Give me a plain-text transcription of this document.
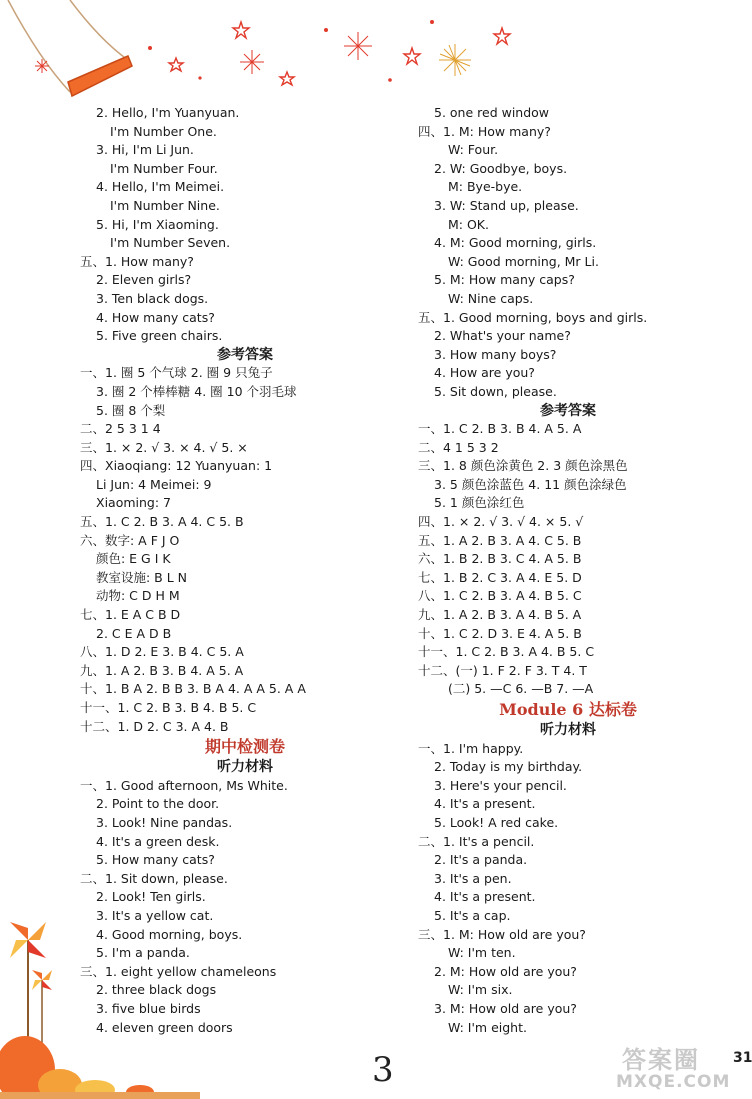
2. Hello, I'm Yuanyuan.
I'm Number One.
3. Hi, I'm Li Jun.
I'm Number Four.
4. Hello, I'm Meimei.
I'm Number Nine.
5. Hi, I'm Xiaoming.
I'm Number Seven.
五、1. How many?
2. Eleven girls?
3. Ten black dogs.
4. How many cats?
5. Five green chairs.
参考答案
一、1. 圈 5 个气球 2. 圈 9 只兔子
3. 圈 2 个棒棒糖 4. 圈 10 个羽毛球
5. 圈 8 个梨
二、2 5 3 1 4
三、1. × 2. √ 3. × 4. √ 5. ×
四、Xiaoqiang: 12 Yuanyuan: 1
Li Jun: 4 Meimei: 9
Xiaoming: 7
五、1. C 2. B 3. A 4. C 5. B
六、数字: A F J O
颜色: E G I K
教室设施: B L N
动物: C D H M
七、1. E A C B D
2. C E A D B
八、1. D 2. E 3. B 4. C 5. A
九、1. A 2. B 3. B 4. A 5. A
十、1. B A 2. B B 3. B A 4. A A 5. A A
十一、1. C 2. B 3. B 4. B 5. C
十二、1. D 2. C 3. A 4. B
期中检测卷
听力材料
一、1. Good afternoon, Ms White.
2. Point to the door.
3. Look! Nine pandas.
4. It's a green desk.
5. How many cats?
二、1. Sit down, please.
2. Look! Ten girls.
3. It's a yellow cat.
4. Good morning, boys.
5. I'm a panda.
三、1. eight yellow chameleons
2. three black dogs
3. five blue birds
4. eleven green doors
5. one red window
四、1. M: How many?
W: Four.
2. W: Goodbye, boys.
M: Bye-bye.
3. W: Stand up, please.
M: OK.
4. M: Good morning, girls.
W: Good morning, Mr Li.
5. M: How many caps?
W: Nine caps.
五、1. Good morning, boys and girls.
2. What's your name?
3. How many boys?
4. How are you?
5. Sit down, please.
参考答案
一、1. C 2. B 3. B 4. A 5. A
二、4 1 5 3 2
三、1. 8 颜色涂黄色 2. 3 颜色涂黑色
3. 5 颜色涂蓝色 4. 11 颜色涂绿色
5. 1 颜色涂红色
四、1. × 2. √ 3. √ 4. × 5. √
五、1. A 2. B 3. A 4. C 5. B
六、1. B 2. B 3. C 4. A 5. B
七、1. B 2. C 3. A 4. E 5. D
八、1. C 2. B 3. A 4. B 5. C
九、1. A 2. B 3. A 4. B 5. A
十、1. C 2. D 3. E 4. A 5. B
十一、1. C 2. B 3. A 4. B 5. C
十二、(一) 1. F 2. F 3. T 4. T
(二) 5. —C 6. —B 7. —A
Module 6 达标卷
听力材料
一、1. I'm happy.
2. Today is my birthday.
3. Here's your pencil.
4. It's a present.
5. Look! A red cake.
二、1. It's a pencil.
2. It's a panda.
3. It's a pen.
4. It's a present.
5. It's a cap.
三、1. M: How old are you?
W: I'm ten.
2. M: How old are you?
W: I'm six.
3. M: How old are you?
W: I'm eight.
3	31
答案圈
MXQE.COM
